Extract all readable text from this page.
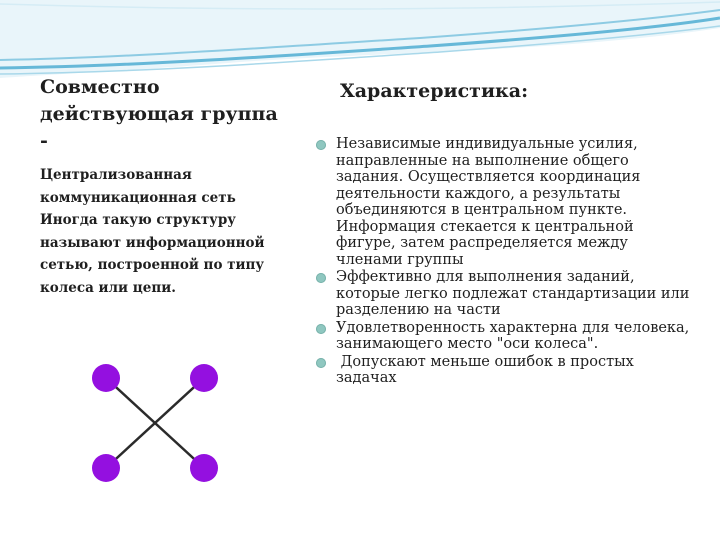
Совместно действующая группа
-
Централизованная коммуникационная сеть
Иногда такую структуру называют информационной сетью, построенной по типу колеса или цепи.
Характеристика:
Независимые индивидуальные усилия, направленные на выполнение общего задания. Осуществляется координация деятельности каждого, а результаты объединяются в центральном пункте. Информация стекается к центральной фигуре, затем распределяется между членами группы
Эффективно для выполнения заданий, которые легко подлежат стандартизации или разделению на части
Удовлетворенность характерна для человека, занимающего место "оси колеса".
Допускают меньше ошибок в простых задачах
